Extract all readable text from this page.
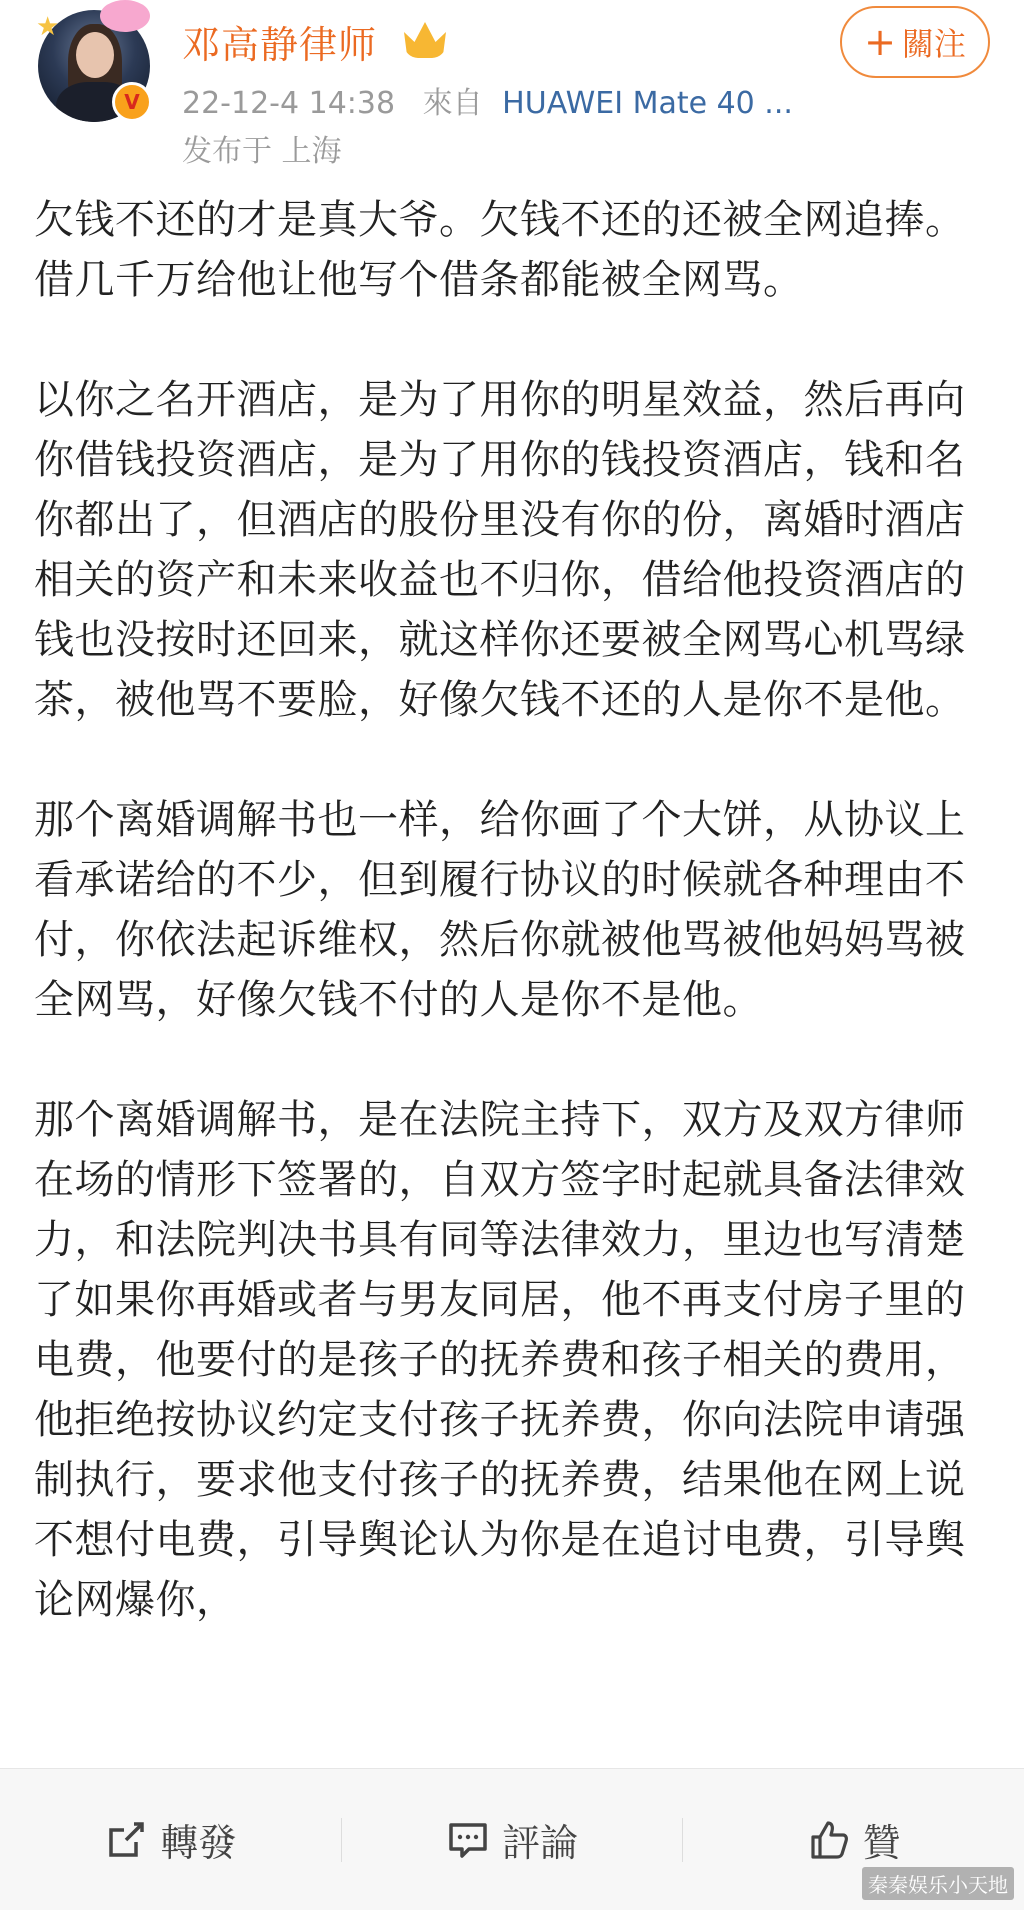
★
V
邓高静律师
22-12-4 14:38 來自 HUAWEI Mate 40 ...
发布于 上海
+ 關注

欠钱不还的才是真大爷。欠钱不还的还被全网追捧。借几千万给他让他写个借条都能被全网骂。

以你之名开酒店，是为了用你的明星效益，然后再向你借钱投资酒店，是为了用你的钱投资酒店，钱和名你都出了，但酒店的股份里没有你的份，离婚时酒店相关的资产和未来收益也不归你，借给他投资酒店的钱也没按时还回来，就这样你还要被全网骂心机骂绿茶，被他骂不要脸，好像欠钱不还的人是你不是他。

那个离婚调解书也一样，给你画了个大饼，从协议上看承诺给的不少，但到履行协议的时候就各种理由不付，你依法起诉维权，然后你就被他骂被他妈妈骂被全网骂，好像欠钱不付的人是你不是他。

那个离婚调解书，是在法院主持下，双方及双方律师在场的情形下签署的，自双方签字时起就具备法律效力，和法院判决书具有同等法律效力，里边也写清楚了如果你再婚或者与男友同居，他不再支付房子里的电费，他要付的是孩子的抚养费和孩子相关的费用，他拒绝按协议约定支付孩子抚养费，你向法院申请强制执行，要求他支付孩子的抚养费，结果他在网上说不想付电费，引导舆论认为你是在追讨电费，引导舆论网爆你，

轉發	評論	贊
秦秦娱乐小天地
